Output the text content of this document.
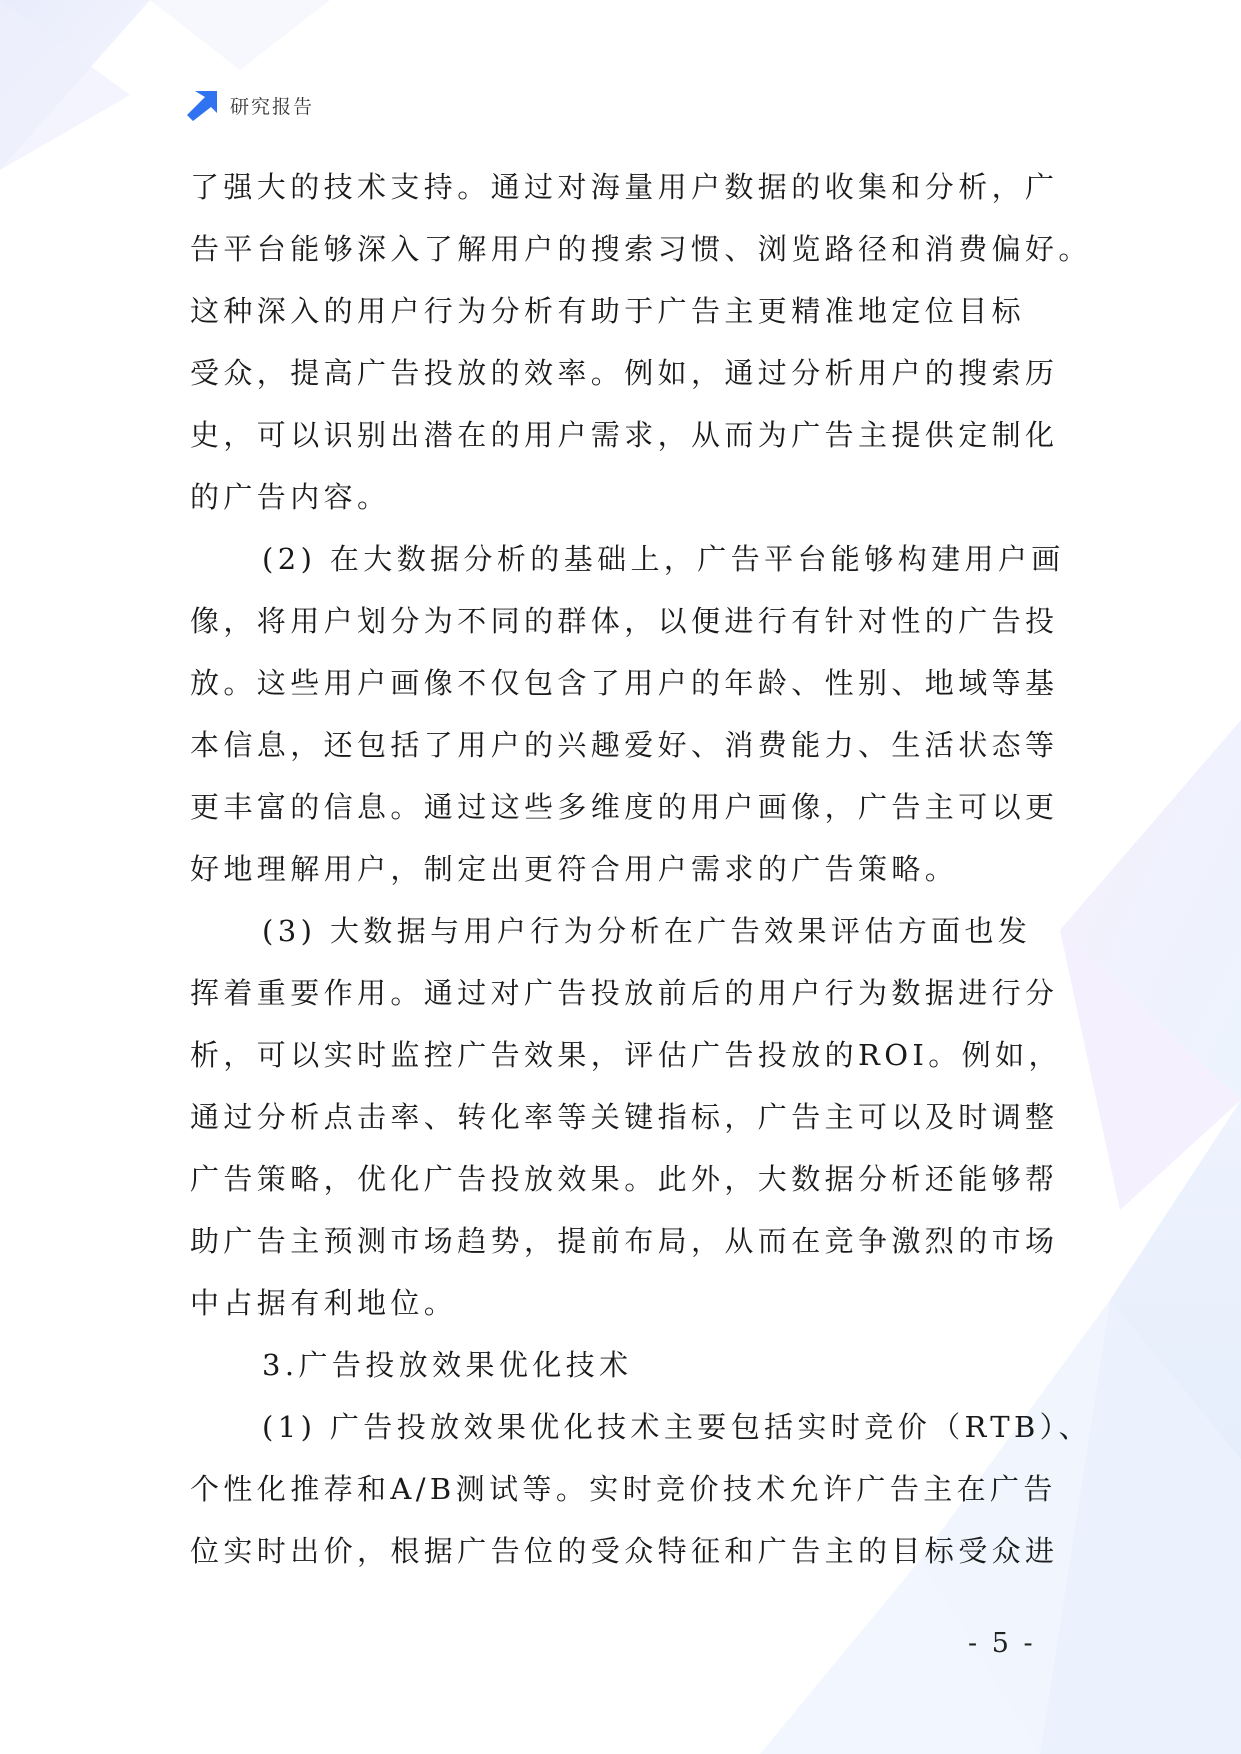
研究报告
了强大的技术支持。通过对海量用户数据的收集和分析，广
告平台能够深入了解用户的搜索习惯、浏览路径和消费偏好。
这种深入的用户行为分析有助于广告主更精准地定位目标
受众，提高广告投放的效率。例如，通过分析用户的搜索历
史，可以识别出潜在的用户需求，从而为广告主提供定制化
的广告内容。
(2) 在大数据分析的基础上，广告平台能够构建用户画
像，将用户划分为不同的群体，以便进行有针对性的广告投
放。这些用户画像不仅包含了用户的年龄、性别、地域等基
本信息，还包括了用户的兴趣爱好、消费能力、生活状态等
更丰富的信息。通过这些多维度的用户画像，广告主可以更
好地理解用户，制定出更符合用户需求的广告策略。
(3) 大数据与用户行为分析在广告效果评估方面也发
挥着重要作用。通过对广告投放前后的用户行为数据进行分
析，可以实时监控广告效果，评估广告投放的ROI。例如，
通过分析点击率、转化率等关键指标，广告主可以及时调整
广告策略，优化广告投放效果。此外，大数据分析还能够帮
助广告主预测市场趋势，提前布局，从而在竞争激烈的市场
中占据有利地位。
3.广告投放效果优化技术
(1) 广告投放效果优化技术主要包括实时竞价（RTB）、
个性化推荐和A/B测试等。实时竞价技术允许广告主在广告
位实时出价，根据广告位的受众特征和广告主的目标受众进
- 5 -
